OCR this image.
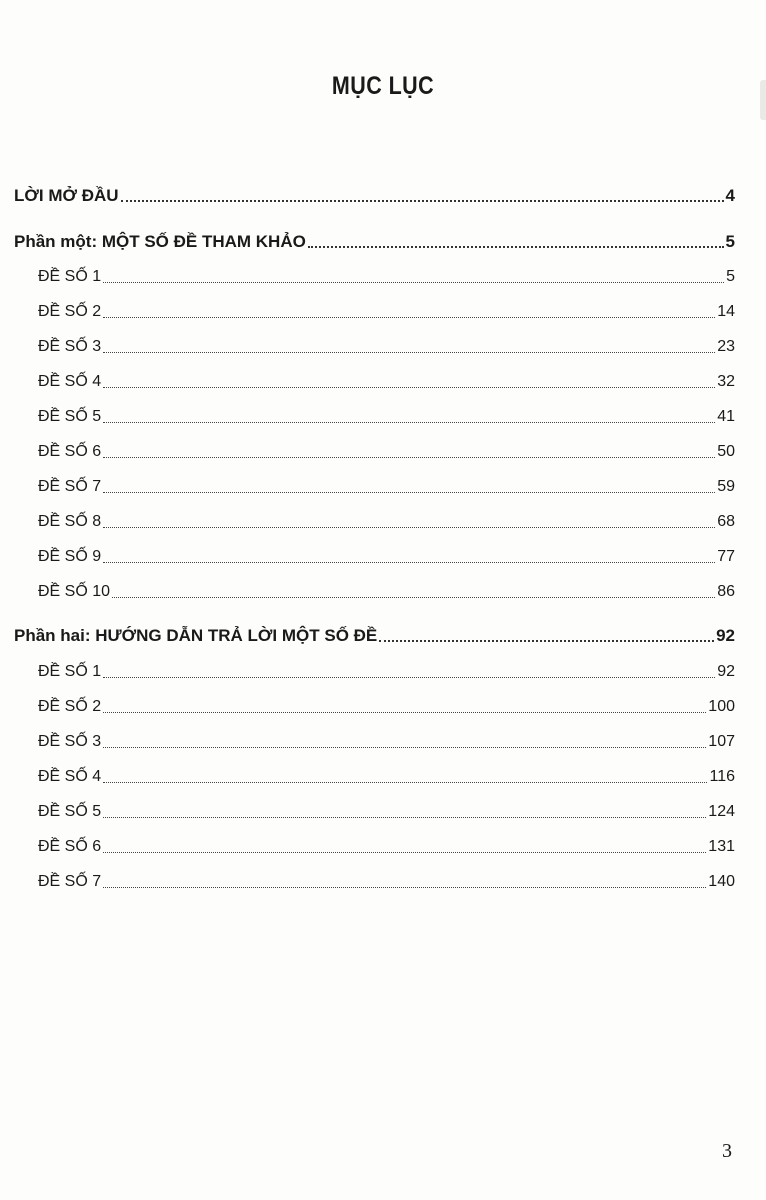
MỤC LỤC
LỜI MỞ ĐẦU	4
Phần một: MỘT SỐ ĐỀ THAM KHẢO	5
ĐỀ SỐ 1	5
ĐỀ SỐ 2	14
ĐỀ SỐ 3	23
ĐỀ SỐ 4	32
ĐỀ SỐ 5	41
ĐỀ SỐ 6	50
ĐỀ SỐ 7	59
ĐỀ SỐ 8	68
ĐỀ SỐ 9	77
ĐỀ SỐ 10	86
Phần hai: HƯỚNG DẪN TRẢ LỜI MỘT SỐ ĐỀ	92
ĐỀ SỐ 1	92
ĐỀ SỐ 2	100
ĐỀ SỐ 3	107
ĐỀ SỐ 4	116
ĐỀ SỐ 5	124
ĐỀ SỐ 6	131
ĐỀ SỐ 7	140
3
